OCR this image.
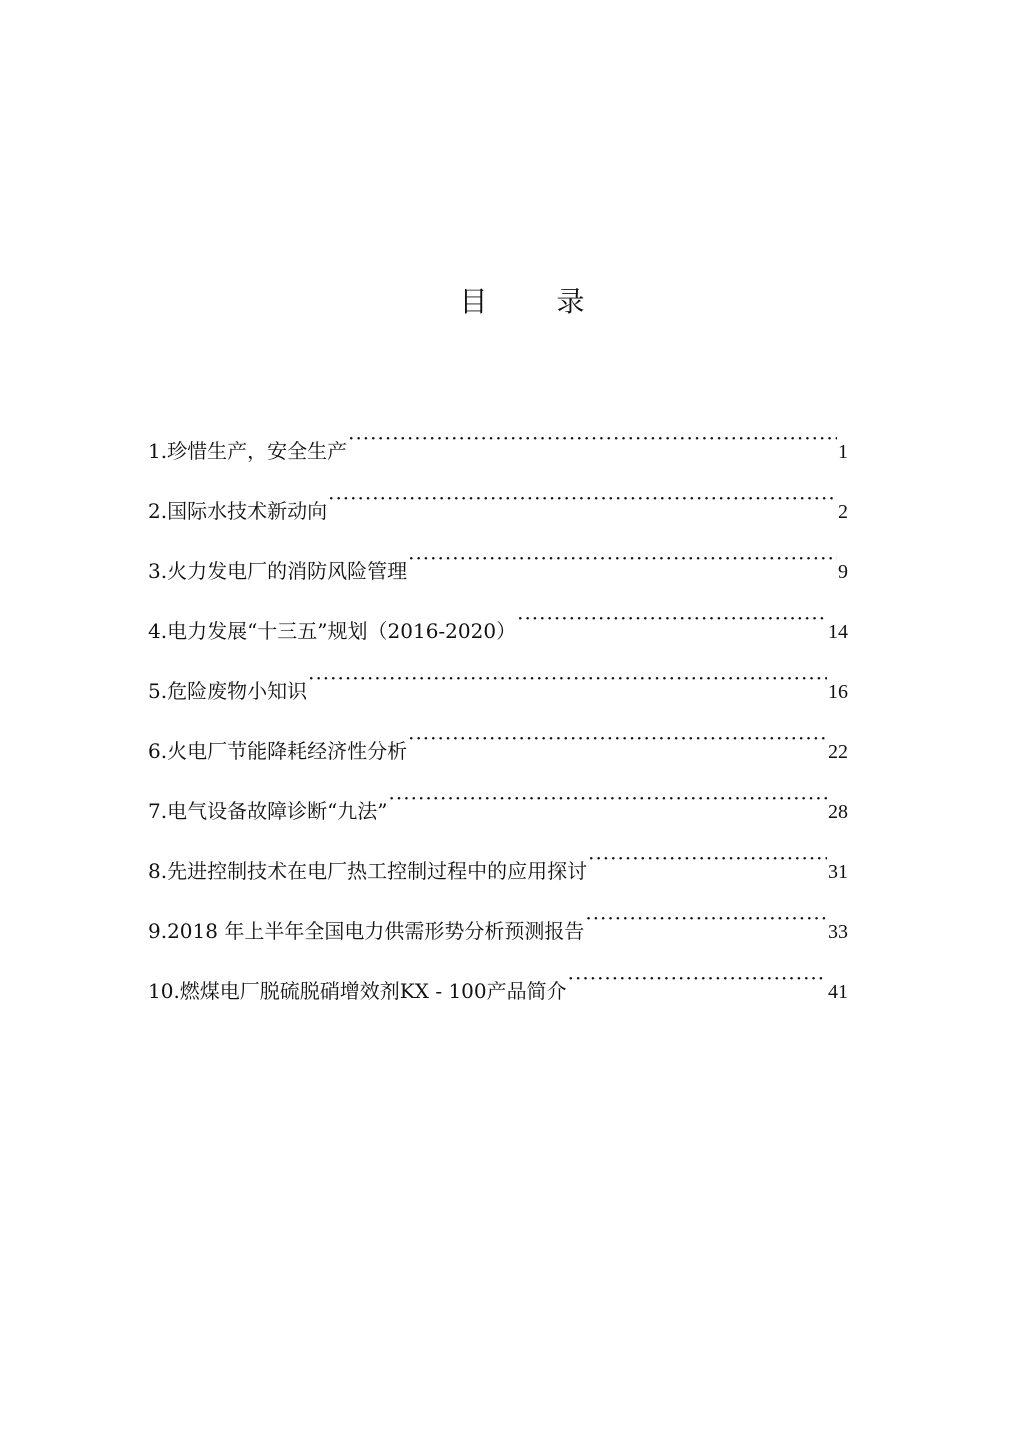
目 录
1.珍惜生产，安全生产 ·····	1
2.国际水技术新动向 ·····	2
3.火力发电厂的消防风险管理 ·····	9
4.电力发展“十三五”规划（2016-2020） ·····	14
5.危险废物小知识 ·····	16
6.火电厂节能降耗经济性分析 ·····	22
7.电气设备故障诊断“九法” ·····	28
8.先进控制技术在电厂热工控制过程中的应用探讨 ·····	31
9.2018 年上半年全国电力供需形势分析预测报告 ·····	33
10.燃煤电厂脱硫脱硝增效剂KX - 100产品简介 ·····	41
